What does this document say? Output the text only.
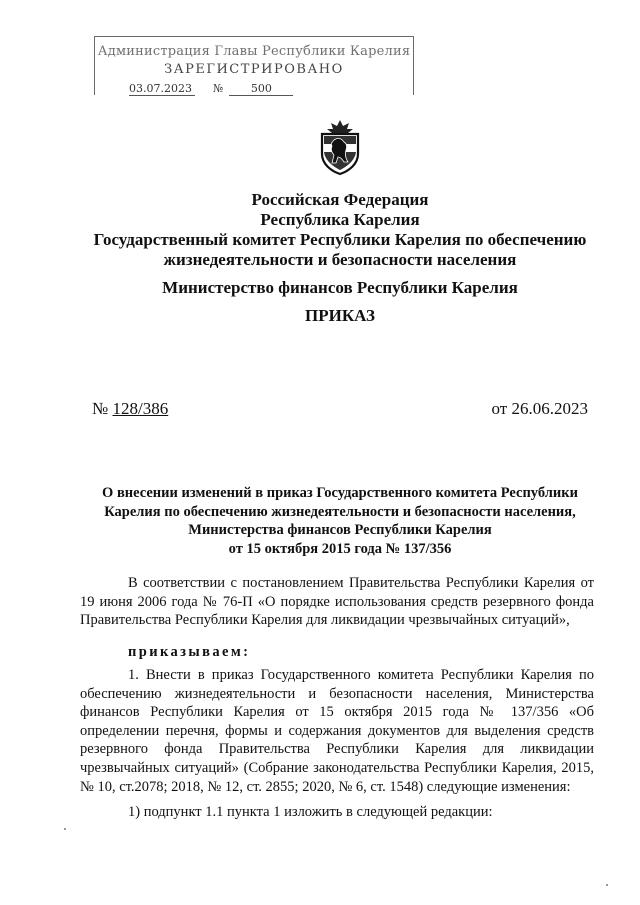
Администрация Главы Республики Карелия
ЗАРЕГИСТРИРОВАНО
03.07.2023 №	500
Российская Федерация
Республика Карелия
Государственный комитет Республики Карелия по обеспечению
жизнедеятельности и безопасности населения
Министерство финансов Республики Карелия
ПРИКАЗ
№ 128/386	от 26.06.2023
О внесении изменений в приказ Государственного комитета Республики
Карелия по обеспечению жизнедеятельности и безопасности населения,
Министерства финансов Республики Карелия
от 15 октября 2015 года № 137/356
В соответствии с постановлением Правительства Республики Карелия от 19 июня 2006 года № 76-П «О порядке использования средств резервного фонда Правительства Республики Карелия для ликвидации чрезвычайных ситуаций»,
приказываем:
1. Внести в приказ Государственного комитета Республики Карелия по обеспечению жизнедеятельности и безопасности населения, Министерства финансов Республики Карелия от 15 октября 2015 года № 137/356 «Об определении перечня, формы и содержания документов для выделения средств резервного фонда Правительства Республики Карелия для ликвидации чрезвычайных ситуаций» (Собрание законодательства Республики Карелия, 2015, № 10, ст.2078; 2018, № 12, ст. 2855; 2020, № 6, ст. 1548) следующие изменения:
1) подпункт 1.1 пункта 1 изложить в следующей редакции:
